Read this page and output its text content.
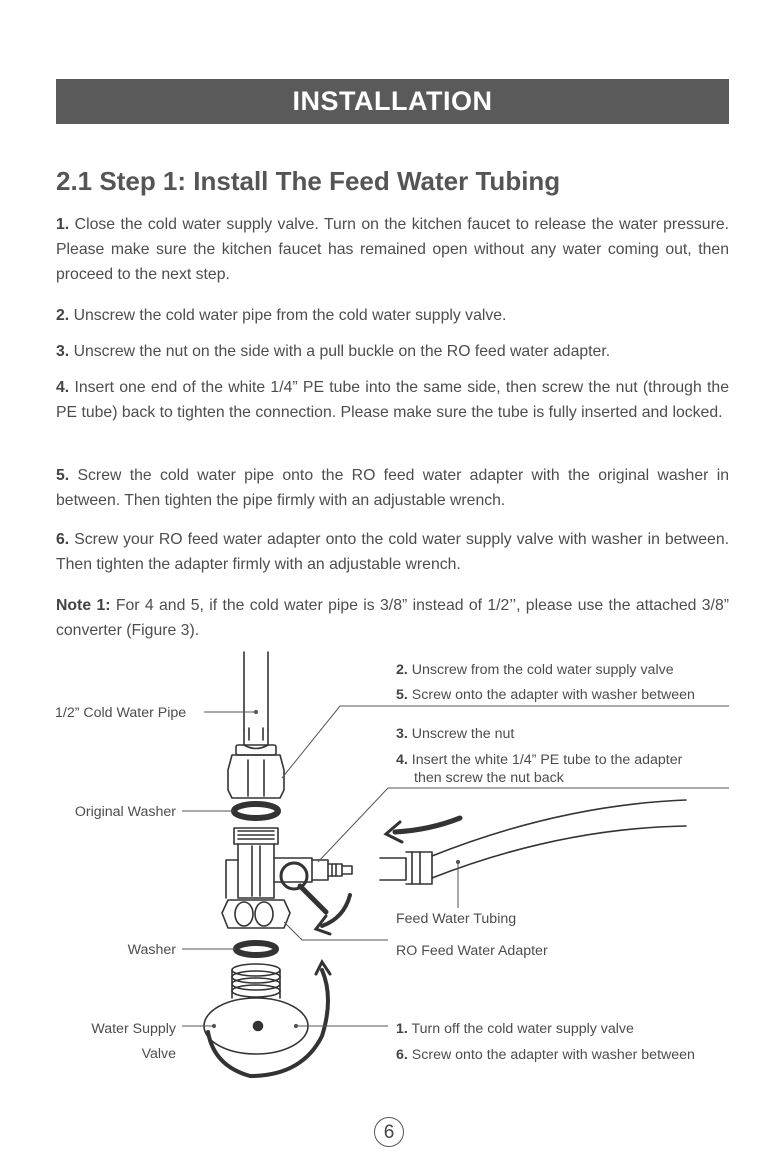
INSTALLATION
2.1 Step 1: Install The Feed Water Tubing

1. Close the cold water supply valve. Turn on the kitchen faucet to release the water pressure. Please make sure the kitchen faucet has remained open without any water coming out, then proceed to the next step.

2. Unscrew the cold water pipe from the cold water supply valve.

3. Unscrew the nut on the side with a pull buckle on the RO feed water adapter.

4. Insert one end of the white 1/4” PE tube into the same side, then screw the nut (through the PE tube) back to tighten the connection. Please make sure the tube is fully inserted and locked.

5. Screw the cold water pipe onto the RO feed water adapter with the original washer in between. Then tighten the pipe firmly with an adjustable wrench.

6. Screw your RO feed water adapter onto the cold water supply valve with washer in between. Then tighten the adapter firmly with an adjustable wrench.

Note 1: For 4 and 5, if the cold water pipe is 3/8” instead of 1/2’’, please use the attached 3/8” converter (Figure 3).

1/2” Cold Water Pipe
Original Washer
Washer
Water Supply
Valve
2. Unscrew from the cold water supply valve
5. Screw onto the adapter with washer between
3. Unscrew the nut
4. Insert the white 1/4” PE tube to the adapter
then screw the nut back
Feed Water Tubing
RO Feed Water Adapter
1. Turn off the cold water supply valve
6. Screw onto the adapter with washer between
6
